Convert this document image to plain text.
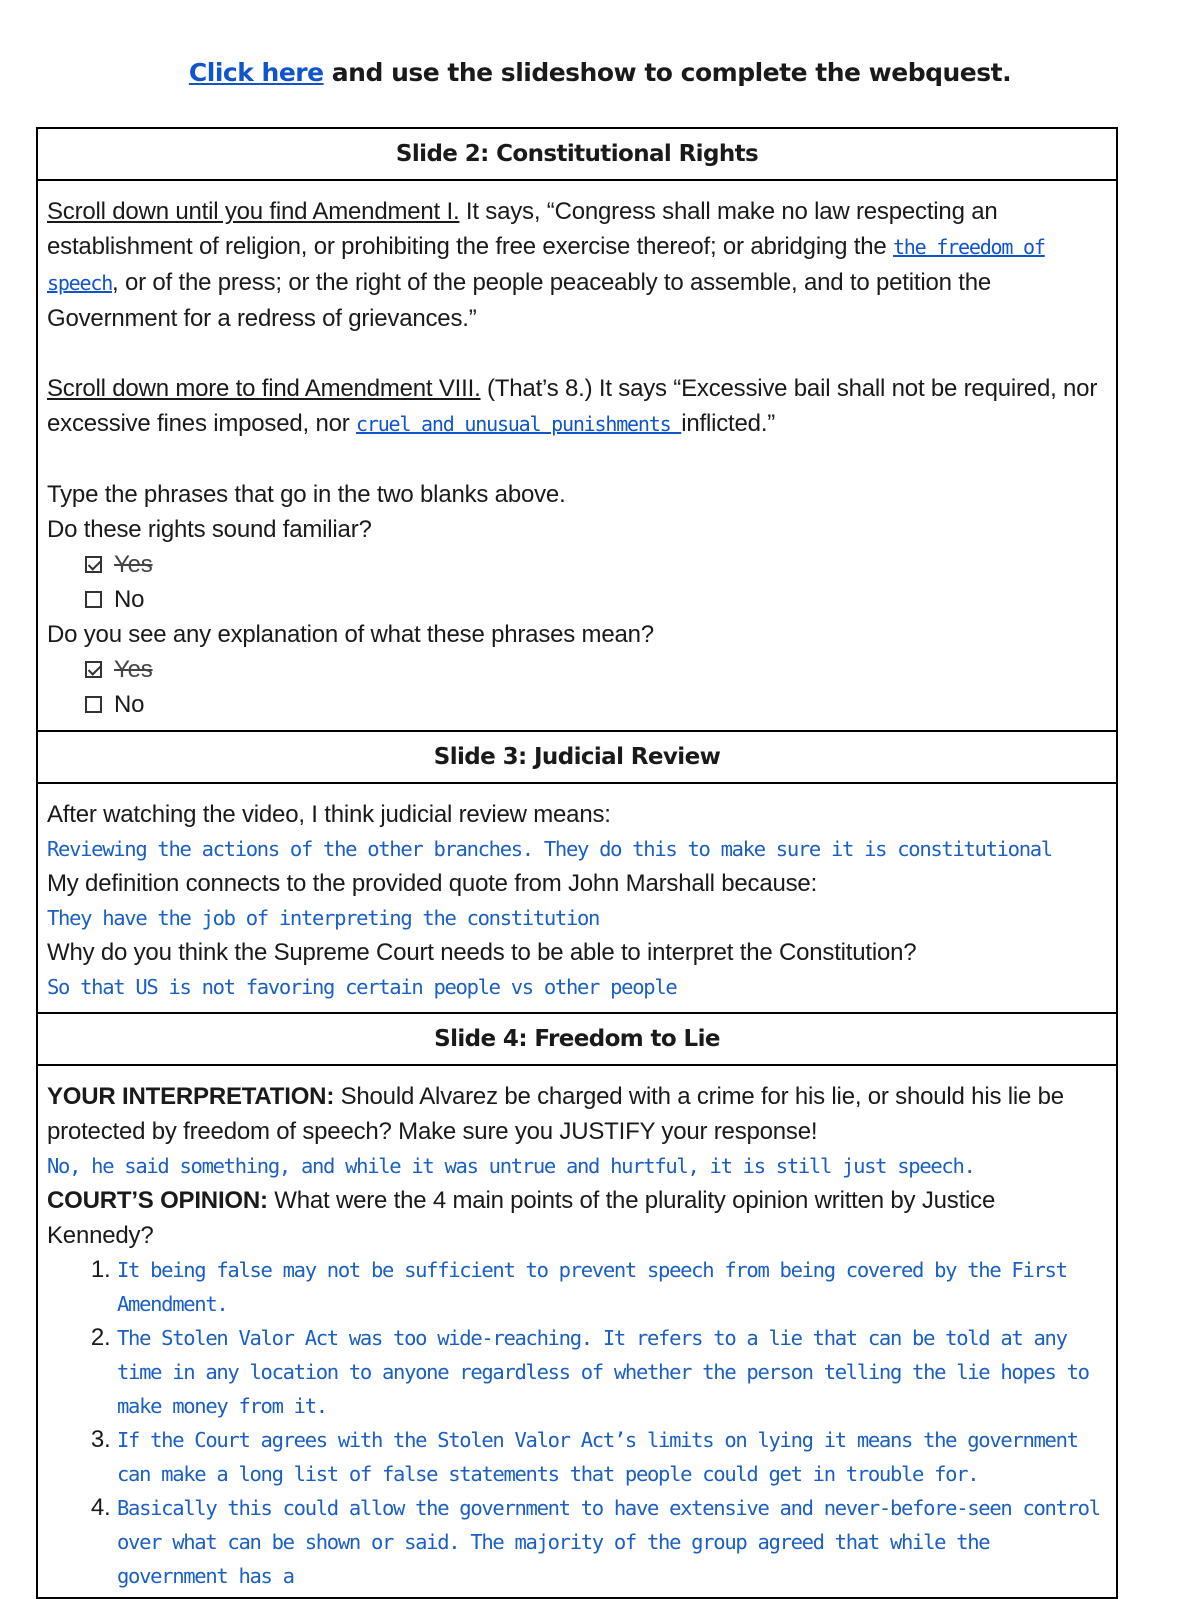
Click here and use the slideshow to complete the webquest.
Slide 2: Constitutional Rights

Scroll down until you find Amendment I. It says, “Congress shall make no law respecting an establishment of religion, or prohibiting the free exercise thereof; or abridging the the freedom of speech, or of the press; or the right of the people peaceably to assemble, and to petition the Government for a redress of grievances.”
Scroll down more to find Amendment VIII. (That’s 8.) It says “Excessive bail shall not be required, nor excessive fines imposed, nor cruel and unusual punishments inflicted.”
Type the phrases that go in the two blanks above.
Do these rights sound familiar?
Yes
No
Do you see any explanation of what these phrases mean?
Yes
No

Slide 3: Judicial Review

After watching the video, I think judicial review means:
Reviewing the actions of the other branches. They do this to make sure it is constitutional
My definition connects to the provided quote from John Marshall because:
They have the job of interpreting the constitution
Why do you think the Supreme Court needs to be able to interpret the Constitution?
So that US is not favoring certain people vs other people

Slide 4: Freedom to Lie

YOUR INTERPRETATION: Should Alvarez be charged with a crime for his lie, or should his lie be protected by freedom of speech? Make sure you JUSTIFY your response!
No, he said something, and while it was untrue and hurtful, it is still just speech.
COURT’S OPINION: What were the 4 main points of the plurality opinion written by Justice Kennedy?
1. It being false may not be sufficient to prevent speech from being covered by the First Amendment.
2. The Stolen Valor Act was too wide-reaching. It refers to a lie that can be told at any time in any location to anyone regardless of whether the person telling the lie hopes to make money from it.
3. If the Court agrees with the Stolen Valor Act’s limits on lying it means the government can make a long list of false statements that people could get in trouble for.
4. Basically this could allow the government to have extensive and never-before-seen control over what can be shown or said. The majority of the group agreed that while the government has a
